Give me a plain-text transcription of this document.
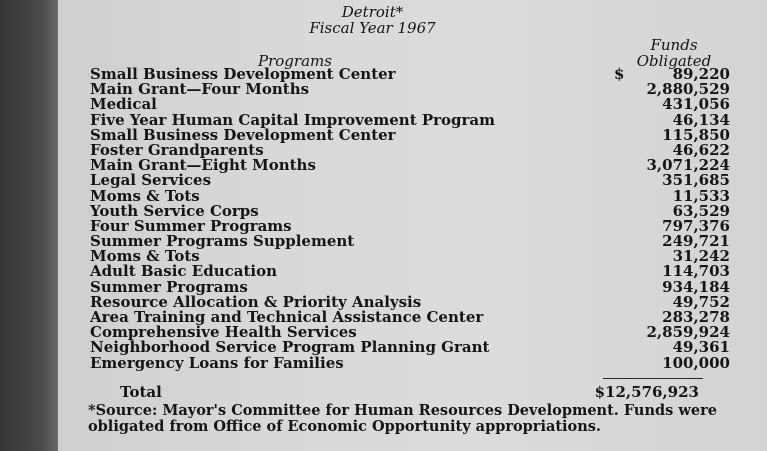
Detroit*
Fiscal Year 1967
Programs
Funds
Obligated
$
Small Business Development Center	89,220
Main Grant—Four Months	2,880,529
Medical	431,056
Five Year Human Capital Improvement Program	46,134
Small Business Development Center	115,850
Foster Grandparents	46,622
Main Grant—Eight Months	3,071,224
Legal Services	351,685
Moms & Tots	11,533
Youth Service Corps	63,529
Four Summer Programs	797,376
Summer Programs Supplement	249,721
Moms & Tots	31,242
Adult Basic Education	114,703
Summer Programs	934,184
Resource Allocation & Priority Analysis	49,752
Area Training and Technical Assistance Center	283,278
Comprehensive Health Services	2,859,924
Neighborhood Service Program Planning Grant	49,361
Emergency Loans for Families	100,000
Total	$12,576,923
*Source: Mayor's Committee for Human Resources Development. Funds were obligated from Office of Economic Opportunity appropriations.
